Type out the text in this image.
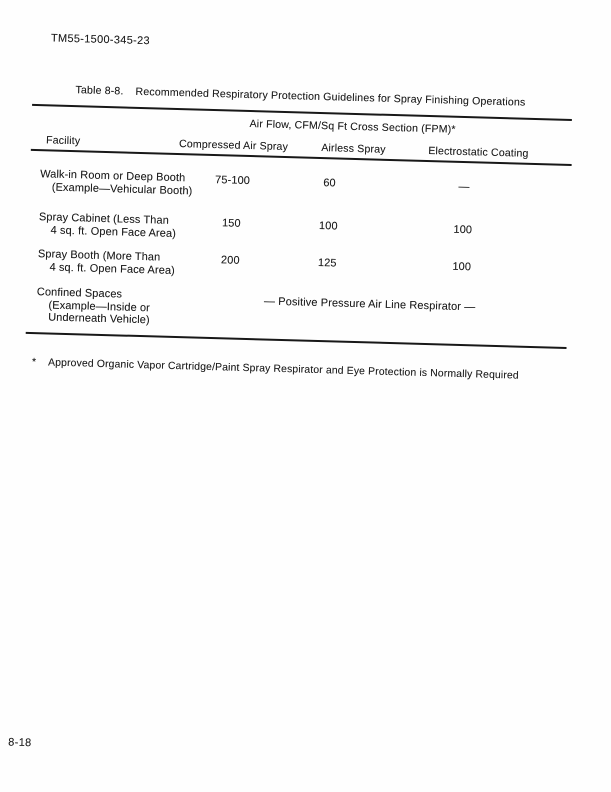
TM55-1500-345-23
Table 8-8. Recommended Respiratory Protection Guidelines for Spray Finishing Operations
Air Flow, CFM/Sq Ft Cross Section (FPM)*
Facility	Compressed Air Spray	Airless Spray	Electrostatic Coating
Walk-in Room or Deep Booth
(Example—Vehicular Booth)
75-100	60	—
Spray Cabinet (Less Than
4 sq. ft. Open Face Area)
150	100	100
Spray Booth (More Than
4 sq. ft. Open Face Area)
200	125	100
Confined Spaces
(Example—Inside or
Underneath Vehicle)
— Positive Pressure Air Line Respirator —
* Approved Organic Vapor Cartridge/Paint Spray Respirator and Eye Protection is Normally Required
8-18
